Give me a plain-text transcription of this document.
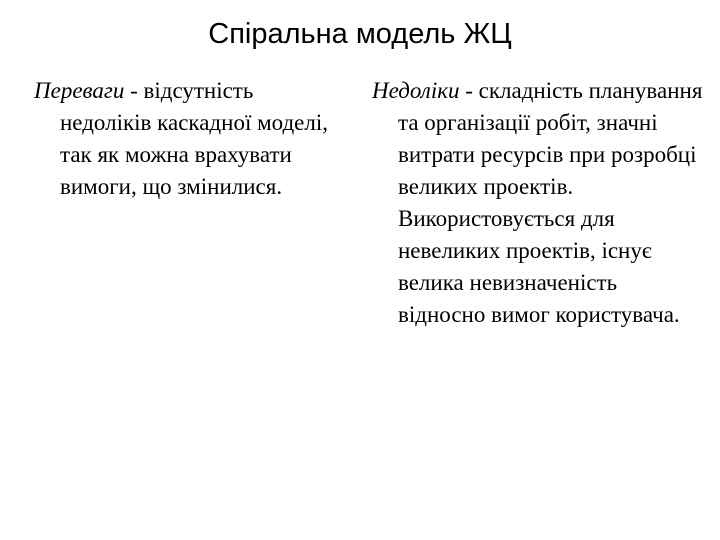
Спіральна модель ЖЦ

Переваги - відсутність недоліків каскадної моделі, так як можна врахувати вимоги, що змінилися.

Недоліки - складність планування та організації робіт, значні витрати ресурсів при розробці великих проектів. Використовується для невеликих проектів, існує велика невизначеність відносно вимог користувача.
